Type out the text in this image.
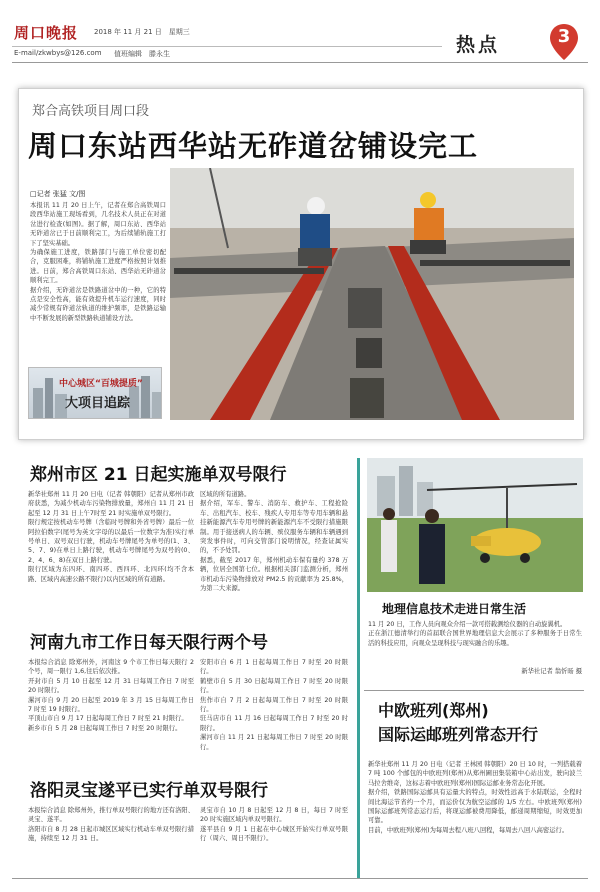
周口晚报 2018 年 11 月 21 日　星期三
E-mail/zkwbys@126.com 值班编辑　滕永生	热点	3
郑合高铁项目周口段
周口东站西华站无砟道岔铺设完工
□记者 张猛 文/图
本报讯 11 月 20 日上午，记者在郑合高铁周口段西华站施工现场看到，几名技术人员正在对道岔进行检查(如图)。据了解，周口东站、西华站无砟道岔已于日前顺利完工，为后续铺轨施工打下了坚实基础。
为确保施工进度，铁路部门与施工单位密切配合，克服困难，将铺轨施工进度严格按照计划推进。日前，郑合高铁周口东站、西华站无砟道岔顺利完工。
据介绍，无砟道岔是铁路道岔中的一种，它的特点是安全性高，能有效提升机车运行速度，同时减少常规有砟道岔轨道的维护频率，是铁路运输中不断发展的新型铁路轨道铺设方法。
中心城区“百城提质”
大项目追踪
郑州市区 21 日起实施单双号限行
新华社郑州 11 月 20 日电（记者 韩朝阳）记者从郑州市政府获悉，为减少机动车污染物排放量，郑州自 11 月 21 日起至 12 月 31 日上午7时至 21 时实施单双号限行。
限行规定按机动车号牌（含临时号牌和外省号牌）最后一位阿拉伯数字(尾号为英文字母的以最后一位数字为准)实行单号单日、双号双日行驶，机动车号牌尾号为单号的(1、3、5、7、9)在单日上路行驶，机动车号牌尾号为双号的(0、2、4、6、8)在双日上路行驶。
限行区域为东四环、南四环、西四环、北四环(均不含本路、区域内高速公路不限行)以内区域的所有道路。
区域的所有道路。
据介绍，军车、警车、消防车、救护车、工程抢险车、出租汽车、校车、残疾人专用车等专用车辆和悬挂新能源汽车专用号牌的新能源汽车不受限行措施限制。用于接送病人的车辆、殡仪服务车辆和车辆遇到突发事件时，可向交管部门说明情况，经查证属实的，不予处罚。
据悉，截至 2017 年，郑州机动车保有量约 378 万辆，位居全国第七位。根据相关部门监测分析，郑州市机动车污染物排放对 PM2.5 的贡献率为 25.8%，为第二大来源。
河南九市工作日每天限行两个号
本报综合消息 除郑州外，河南这 9 个市工作日每天限行 2 个号，周一限行 1,6,往后依次推。
开封市自 5 月 10 日起至 12 月 31 日每周工作日 7 时至 20 时限行。
漯河市自 9 月 20 日起至 2019 年 3 月 15 日每周工作日 7 时至 19 时限行。
平顶山市自 9 月 17 日起每周工作日 7 时至 21 时限行。
新乡市自 5 月 28 日起每周工作日 7 时至 20 时限行。
安阳市自 6 月 1 日起每周工作日 7 时至 20 时限行。
鹤壁市自 5 月 30 日起每周工作日 7 时至 20 时限行。
焦作市自 7 月 2 日起每周工作日 7 时至 20 时限行。
驻马店市自 11 月 16 日起每周工作日 7 时至 20 时限行。
漯河市自 11 月 21 日起每周工作日 7 时至 20 时限行。
洛阳灵宝遂平已实行单双号限行
本报综合消息 除郑州外，推行单双号限行的地方还有洛阳、灵宝、遂平。
洛阳市自 8 月 28 日起市城区区域实行机动车单双号限行措施，持续至 12 月 31 日。
灵宝市自 10 月 8 日起至 12 月 8 日，每日 7 时至 20 时实施区域内单双号限行。
遂平县自 9 月 1 日起在中心城区开始实行单双号限行（周六、周日不限行）。
地理信息技术走进日常生活
11 月 20 日，工作人员向观众介绍一款可搭载测绘仪器的自动旋翼机。
正在浙江德清举行的首届联合国世界地理信息大会展示了多种服务于日常生活的科技应用，向观众呈现科技与现实融合的乐趣。
新华社记者 翁忻旸 摄
中欧班列(郑州)
国际运邮班列常态开行
新华社郑州 11 月 20 日电（记者 王林园 韩朝阳）20 日 10 时，一列搭载着 7 吨 100 个邮包的中欧班列(郑州)从郑州圃田集装箱中心站出发，驶向波兰马拉舍维奇，这标志着中欧班列(郑州)国际运邮业务常态化开展。
据介绍，铁路国际运邮具有运量大的特点，时效性远高于水陆联运，全程时间比海运节省约一个月，而运价仅为航空运邮的 1/5 左右。中欧班列(郑州)国际运邮班列常态运行后，将现运邮被费用降低，邮递周期缩短，时效更加可靠。
目前，中欧班列(郑州)为每周去程八班八回程，每周去八回八高密运行。
